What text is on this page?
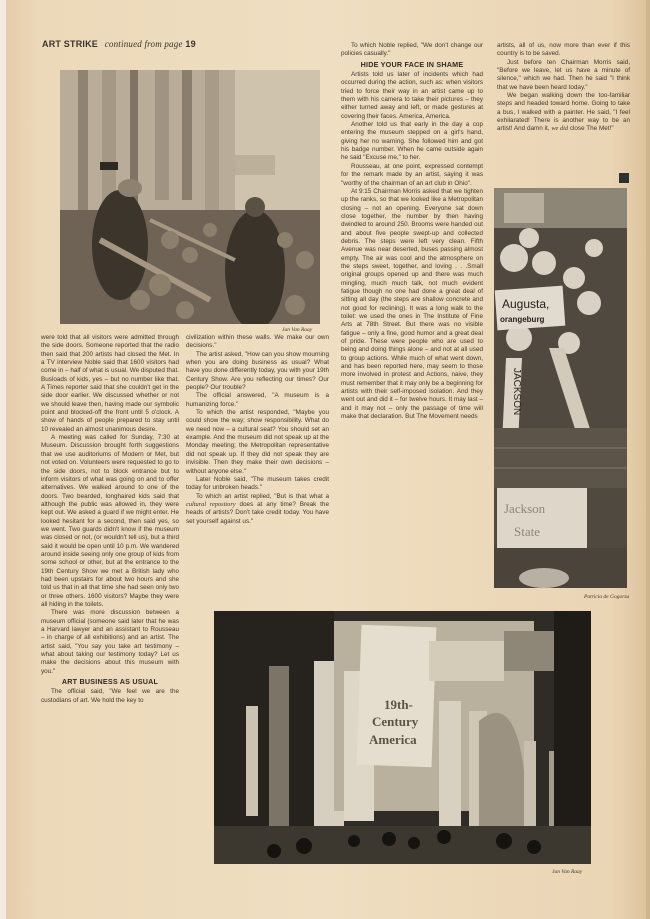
ART STRIKE continued from page 19
Jan Van Raay

were told that all visitors were admitted through the side doors. Someone reported that the radio then said that 200 artists had closed the Met. In a TV interview Noble said that 1600 visitors had come in – half of what is usual. We disputed that. Busloads of kids, yes – but no number like that. A Times reporter said that she couldn't get in the side door earlier. We discussed whether or not we should leave then, having made our symbolic point and blocked-off the front until 5 o'clock. A show of hands of people prepared to stay until 10 revealed an almost unanimous desire.

A meeting was called for Sunday, 7:30 at Museum. Discussion brought forth suggestions that we use auditoriums of Modern or Met, but not voted on. Volunteers were requested to go to the side doors, not to block entrance but to inform visitors of what was going on and to offer alternatives. We walked around to one of the doors. Two bearded, longhaired kids said that although the public was allowed in, they were kept out. We asked a guard if we might enter. He looked hesitant for a second, then said yes, so we went. Two guards didn't know if the museum was closed or not, (or wouldn't tell us), but a third said it would be open until 10 p.m. We wandered around inside seeing only one group of kids from some school or other, but at the entrance to the 19th Century Show we met a British lady who had been upstairs for about two hours and she told us that in all that time she had seen only two or three others. 1600 visitors? Maybe they were all hiding in the toilets.

There was more discussion between a museum official (someone said later that he was a Harvard lawyer and an assistant to Rousseau – in charge of all exhibitions) and an artist. The artist said, "You say you take art testimony – what about taking our testimony today? Let us make the decisions about this museum with you."

ART BUSINESS AS USUAL

The official said, "We feel we are the custodians of art. We hold the key to

civilization within these walls. We make our own decisions."

The artist asked, "How can you show mourning when you are doing business as usual? What have you done differently today, you with your 19th Century Show. Are you reflecting our times? Our people? Our trouble?

The official answered, "A museum is a humanizing force."

To which the artist responded, "Maybe you could show the way; show responsibility. What do we need now – a cultural seat? You should set an example. And the museum did not speak up at the Monday meeting; the Metropolitan representative did not speak up. If they did not speak they are invisible. Then they make their own decisions – without anyone else."

Later Noble said, "The museum takes credit today for unbroken heads."

To which an artist replied, "But is that what a cultural repository does at any time? Break the heads of artists? Don't take credit today. You have set yourself against us."

To which Noble replied, "We don't change our policies casually."

HIDE YOUR FACE IN SHAME

Artists told us later of incidents which had occurred during the action, such as: when visitors tried to force their way in an artist came up to them with his camera to take their pictures – they either turned away and left, or made gestures at covering their faces. America, America.

Another told us that early in the day a cop entering the museum stepped on a girl's hand, giving her no warning. She followed him and got his badge number. When he came outside again he said "Excuse me," to her.

Rousseau, at one point, expressed contempt for the remark made by an artist, saying it was "worthy of the chairman of an art club in Ohio".

At 9:15 Chairman Morris asked that we tighten up the ranks, so that we looked like a Metropolitan closing – not an opening. Everyone sat down close together, the number by then having dwindled to around 250. Brooms were handed out and about five people swept-up and collected debris. The steps were left very clean. Fifth Avenue was near deserted, buses passing almost empty. The air was cool and the atmosphere on the steps sweet, together, and loving . . .Small original groups opened up and there was much mingling, much much talk, not much evident fatigue though no one had done a great deal of sitting all day (the steps are shallow concrete and not good for reclining). It was a long walk to the toilet: we used the ones in The Institute of Fine Arts at 78th Street. But there was no visible fatigue – only a fine, good humor and a great deal of pride. These were people who are used to being and doing things alone – and not at all used to group actions. While much of what went down, and has been reported here, may seem to those more involved in protest and Actions, naive, they must remember that it may only be a beginning for artists with their self-imposed isolation. And they went out and did it – for twelve hours. It may last – and it may not – only the passage of time will make that declaration. But The Movement needs

artists, all of us, now more than ever if this country is to be saved.

Just before ten Chairman Morris said, "Before we leave, let us have a minute of silence," which we had. Then he said "I think that we have been heard today."

We began walking down the too-familiar steps and headed toward home. Going to take a bus, I walked with a painter. He said, "I feel exhilarated! There is another way to be an artist! And damn it, we did close The Met!"

Augusta,
orangeburg
JACKSON
Jackson
State
Patricia de Gogorza
19th-
Century
America
Jan Van Raay
